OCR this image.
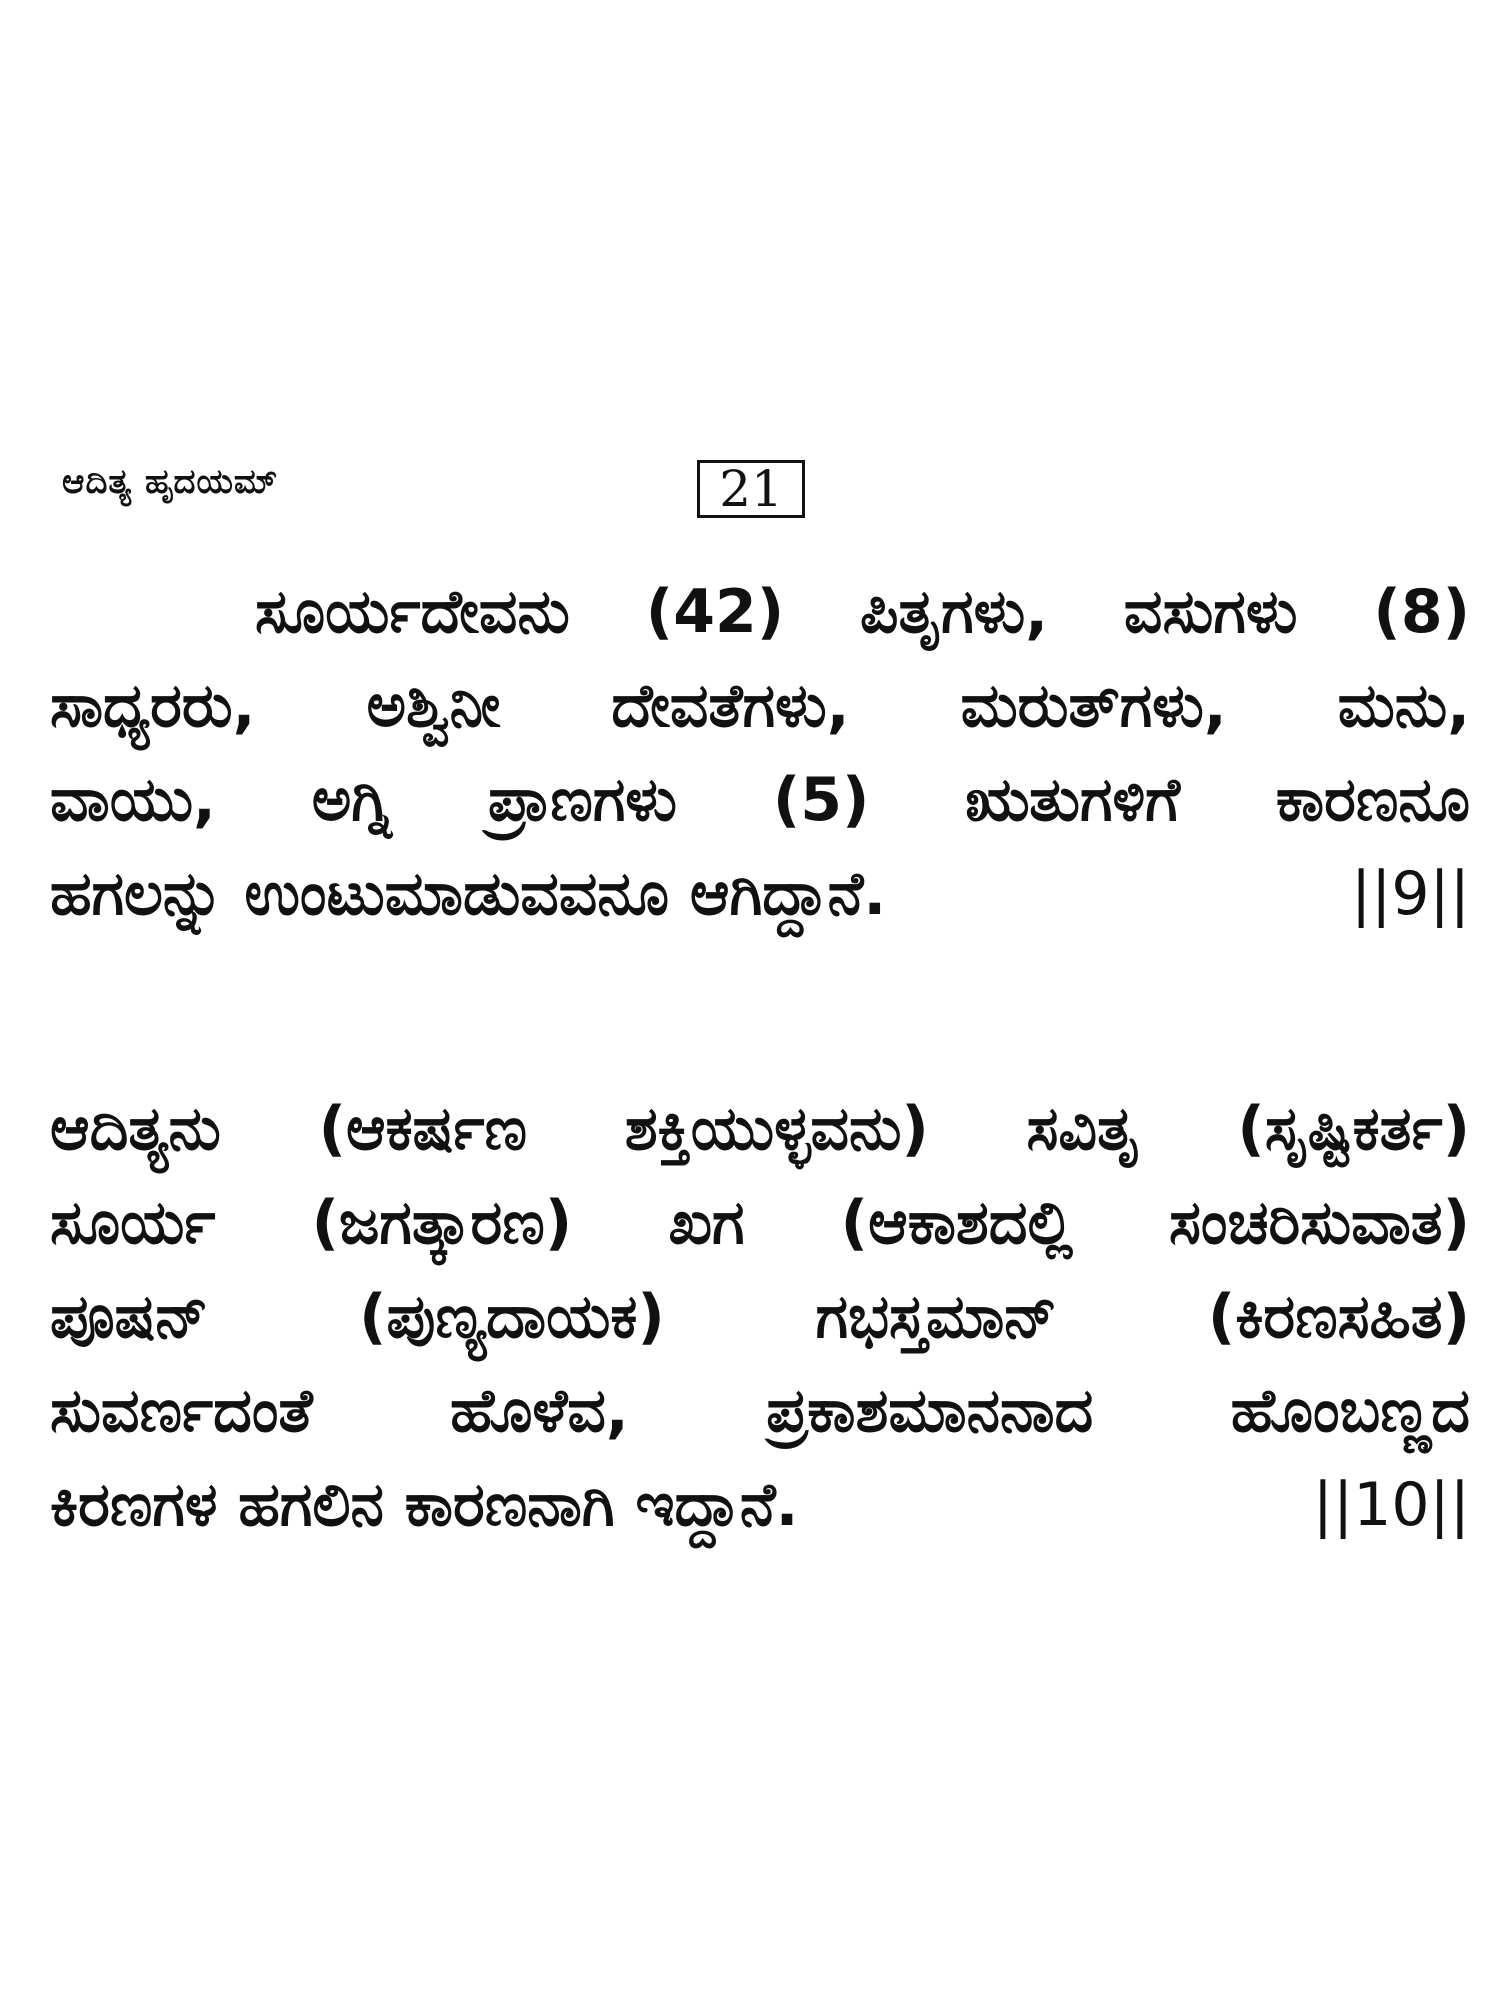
ಆದಿತ್ಯ ಹೃದಯಮ್	21
ಸೂರ್ಯದೇವನು (42) ಪಿತೃಗಳು, ವಸುಗಳು (8)
ಸಾಧ್ಯರರು, ಅಶ್ವಿನೀ ದೇವತೆಗಳು, ಮರುತ್‌ಗಳು, ಮನು,
ವಾಯು, ಅಗ್ನಿ ಪ್ರಾಣಗಳು (5) ಋತುಗಳಿಗೆ ಕಾರಣನೂ
ಹಗಲನ್ನು ಉಂಟುಮಾಡುವವನೂ ಆಗಿದ್ದಾನೆ.	||9||
ಆದಿತ್ಯನು (ಆಕರ್ಷಣ ಶಕ್ತಿಯುಳ್ಳವನು) ಸವಿತೃ (ಸೃಷ್ಟಿಕರ್ತ)
ಸೂರ್ಯ (ಜಗತ್ಕಾರಣ) ಖಗ (ಆಕಾಶದಲ್ಲಿ ಸಂಚರಿಸುವಾತ)
ಪೂಷನ್ (ಪುಣ್ಯದಾಯಕ) ಗಭಸ್ತಮಾನ್ (ಕಿರಣಸಹಿತ)
ಸುವರ್ಣದಂತೆ ಹೊಳೆವ, ಪ್ರಕಾಶಮಾನನಾದ ಹೊಂಬಣ್ಣದ
ಕಿರಣಗಳ ಹಗಲಿನ ಕಾರಣನಾಗಿ ಇದ್ದಾನೆ.	||10||
